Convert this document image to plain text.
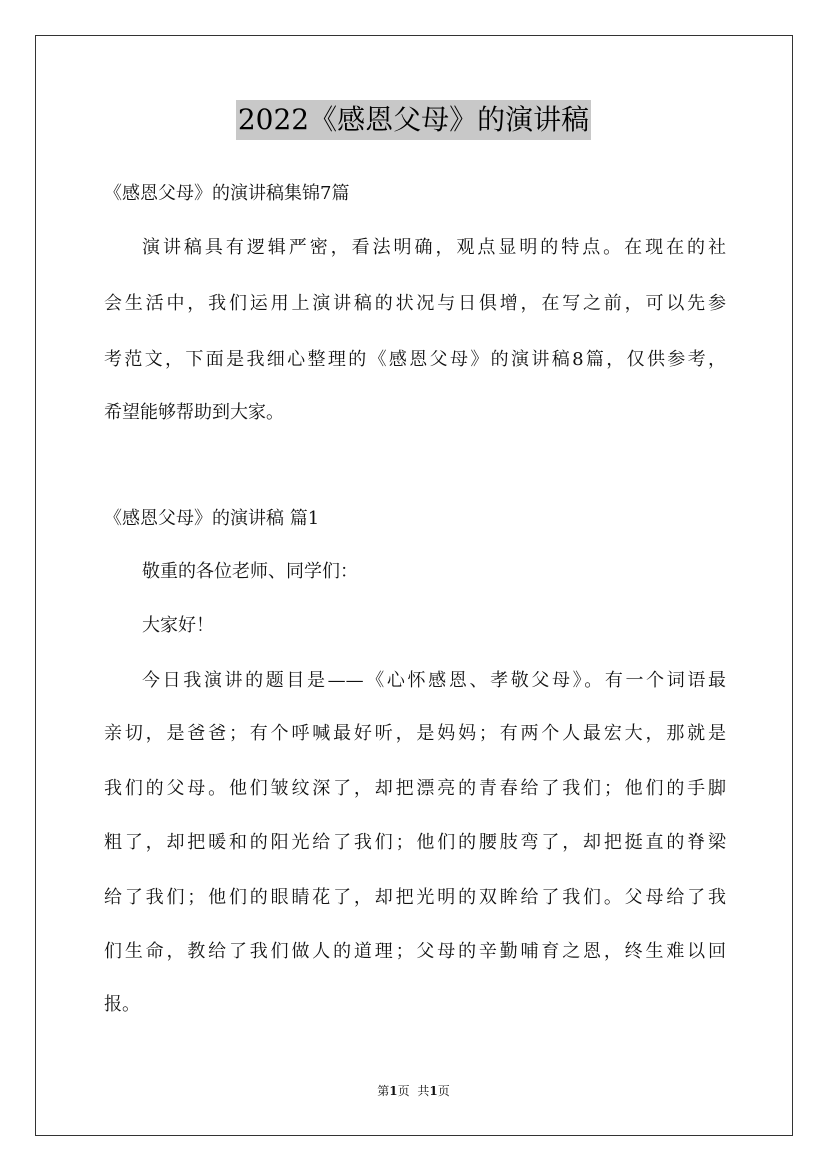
2022《感恩父母》的演讲稿
《感恩父母》的演讲稿集锦7篇
演讲稿具有逻辑严密，看法明确，观点显明的特点。在现在的社
会生活中，我们运用上演讲稿的状况与日俱增，在写之前，可以先参
考范文，下面是我细心整理的《感恩父母》的演讲稿8篇，仅供参考，
希望能够帮助到大家。
《感恩父母》的演讲稿 篇1
敬重的各位老师、同学们：
大家好！
今日我演讲的题目是——《心怀感恩、孝敬父母》。有一个词语最
亲切，是爸爸；有个呼喊最好听，是妈妈；有两个人最宏大，那就是
我们的父母。他们皱纹深了，却把漂亮的青春给了我们；他们的手脚
粗了，却把暖和的阳光给了我们；他们的腰肢弯了，却把挺直的脊梁
给了我们；他们的眼睛花了，却把光明的双眸给了我们。父母给了我
们生命，教给了我们做人的道理；父母的辛勤哺育之恩，终生难以回
报。
第1页 共1页
